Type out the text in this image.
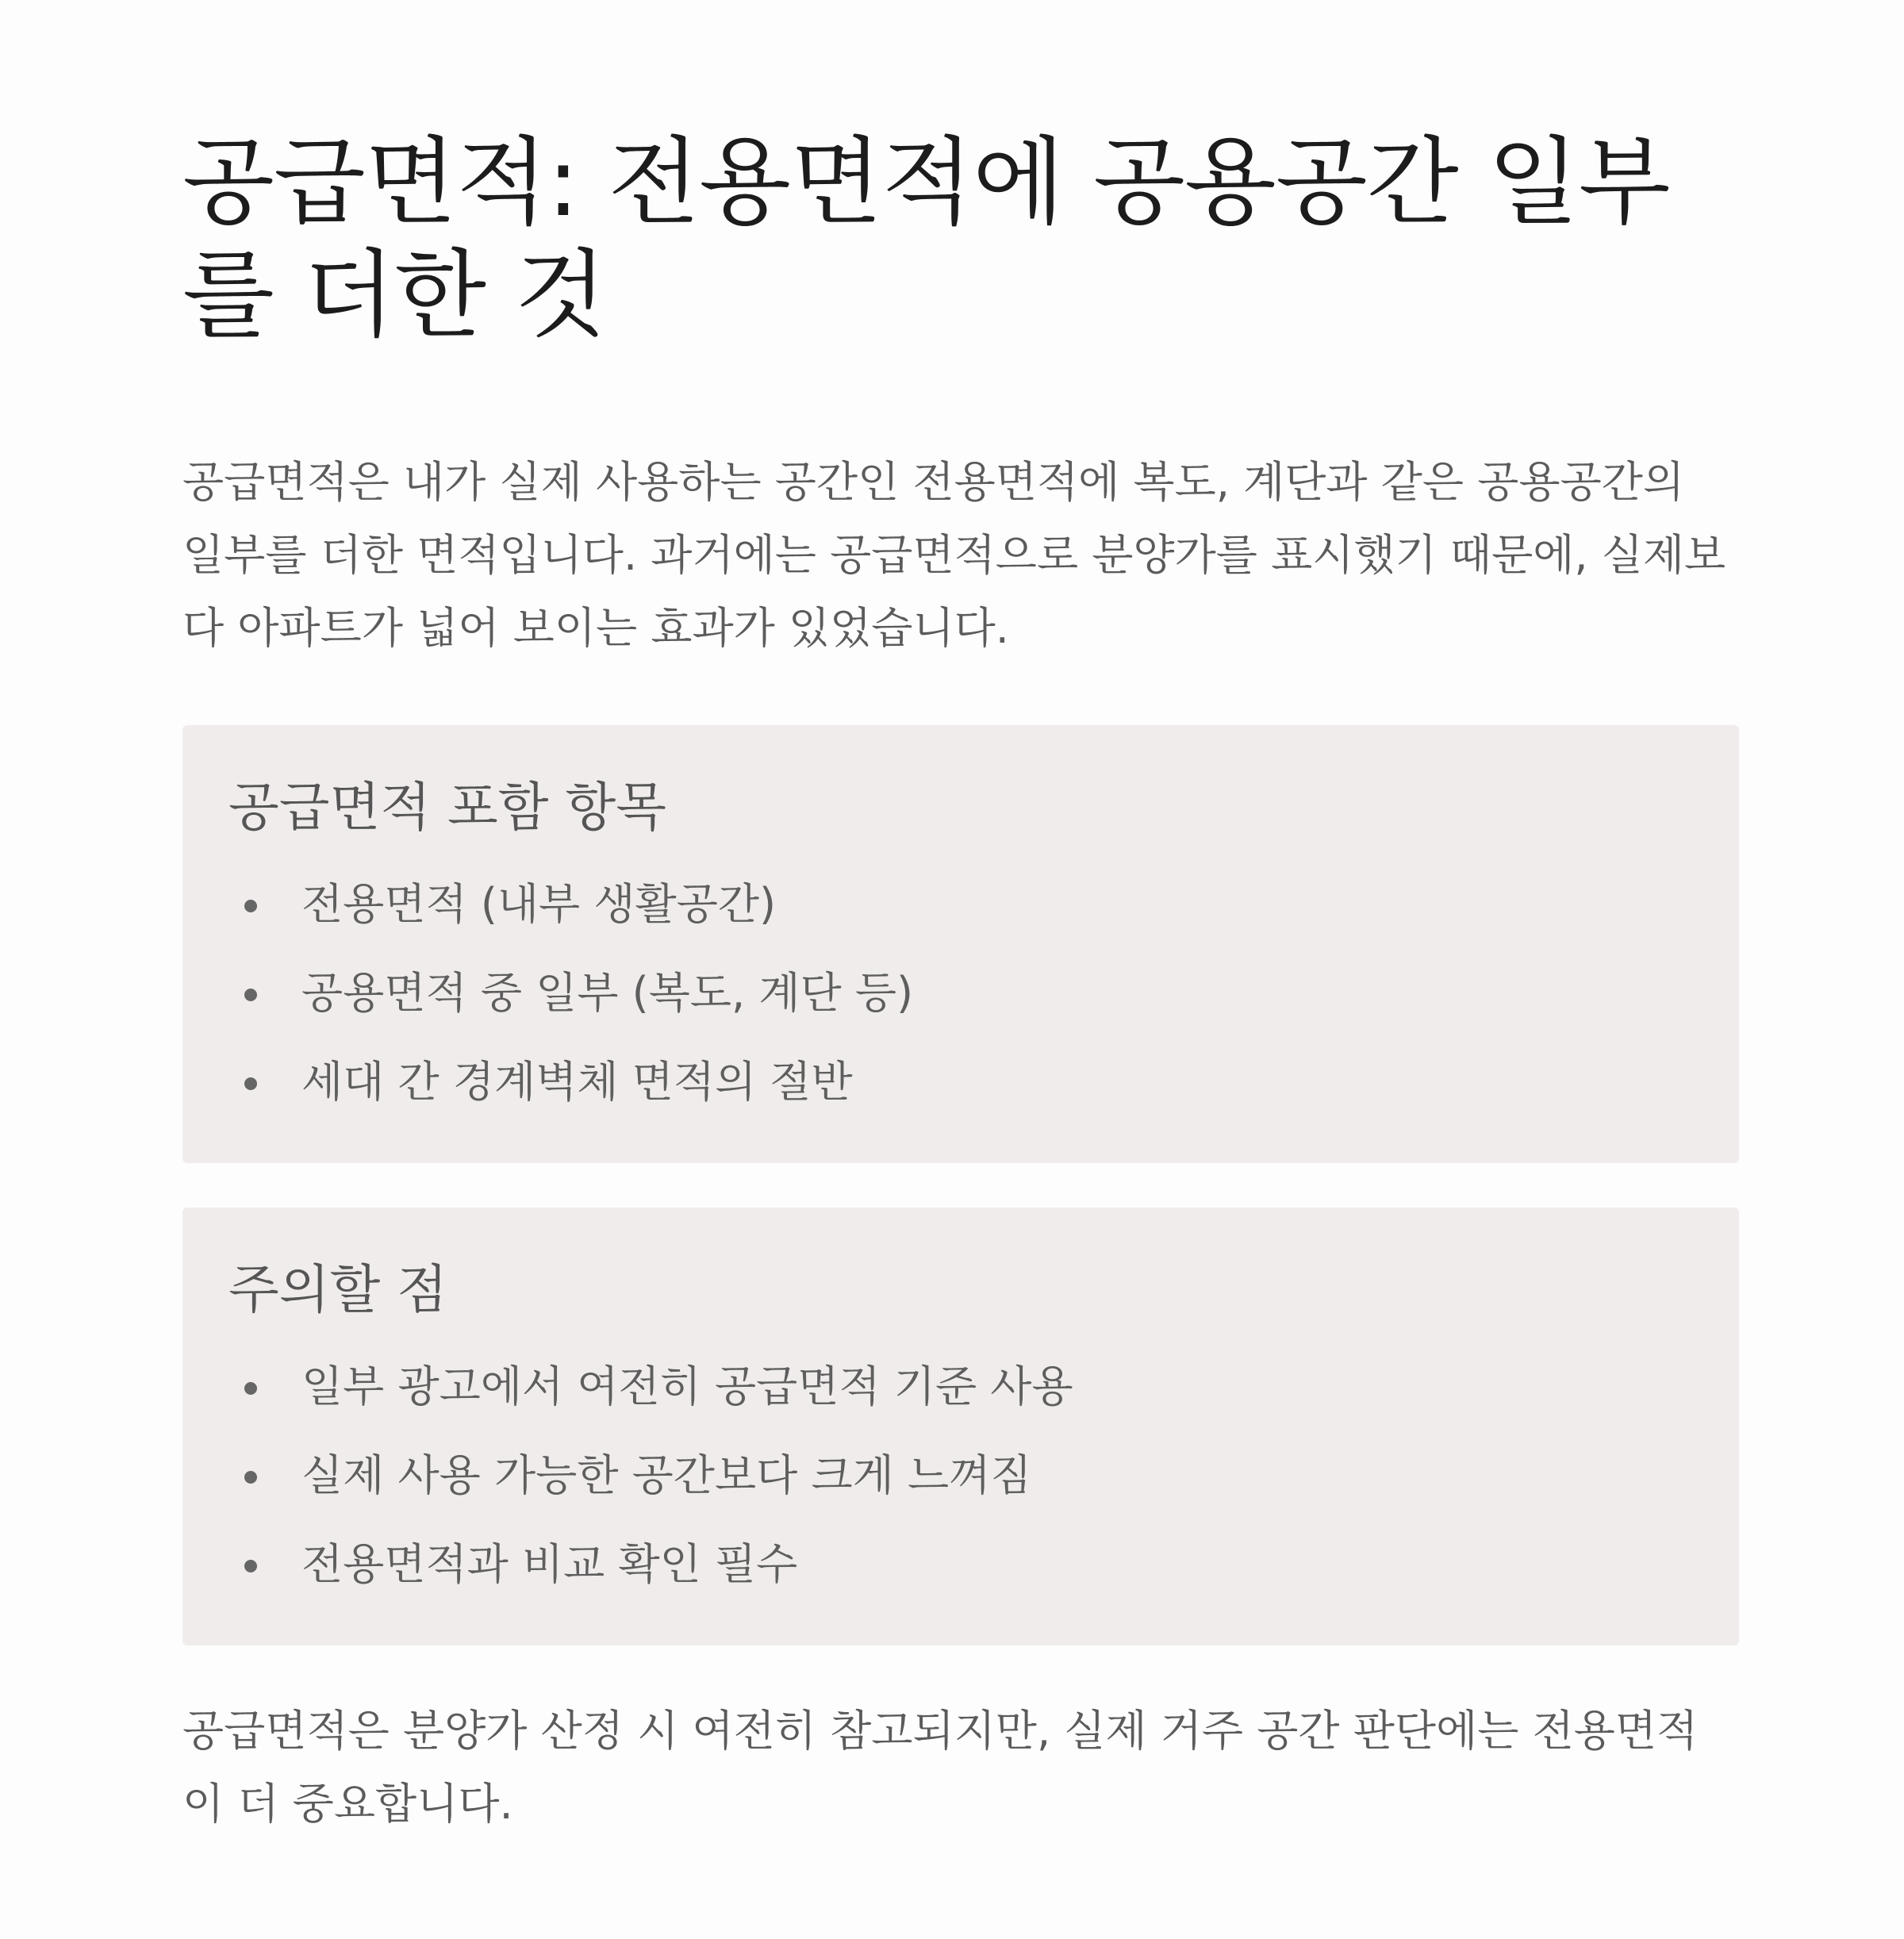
공급면적: 전용면적에 공용공간 일부를 더한 것

공급면적은 내가 실제 사용하는 공간인 전용면적에 복도, 계단과 같은 공용공간의 일부를 더한 면적입니다. 과거에는 공급면적으로 분양가를 표시했기 때문에, 실제보다 아파트가 넓어 보이는 효과가 있었습니다.

공급면적 포함 항목
전용면적 (내부 생활공간)
공용면적 중 일부 (복도, 계단 등)
세대 간 경계벽체 면적의 절반
주의할 점
일부 광고에서 여전히 공급면적 기준 사용
실제 사용 가능한 공간보다 크게 느껴짐
전용면적과 비교 확인 필수

공급면적은 분양가 산정 시 여전히 참고되지만, 실제 거주 공간 판단에는 전용면적이 더 중요합니다.
